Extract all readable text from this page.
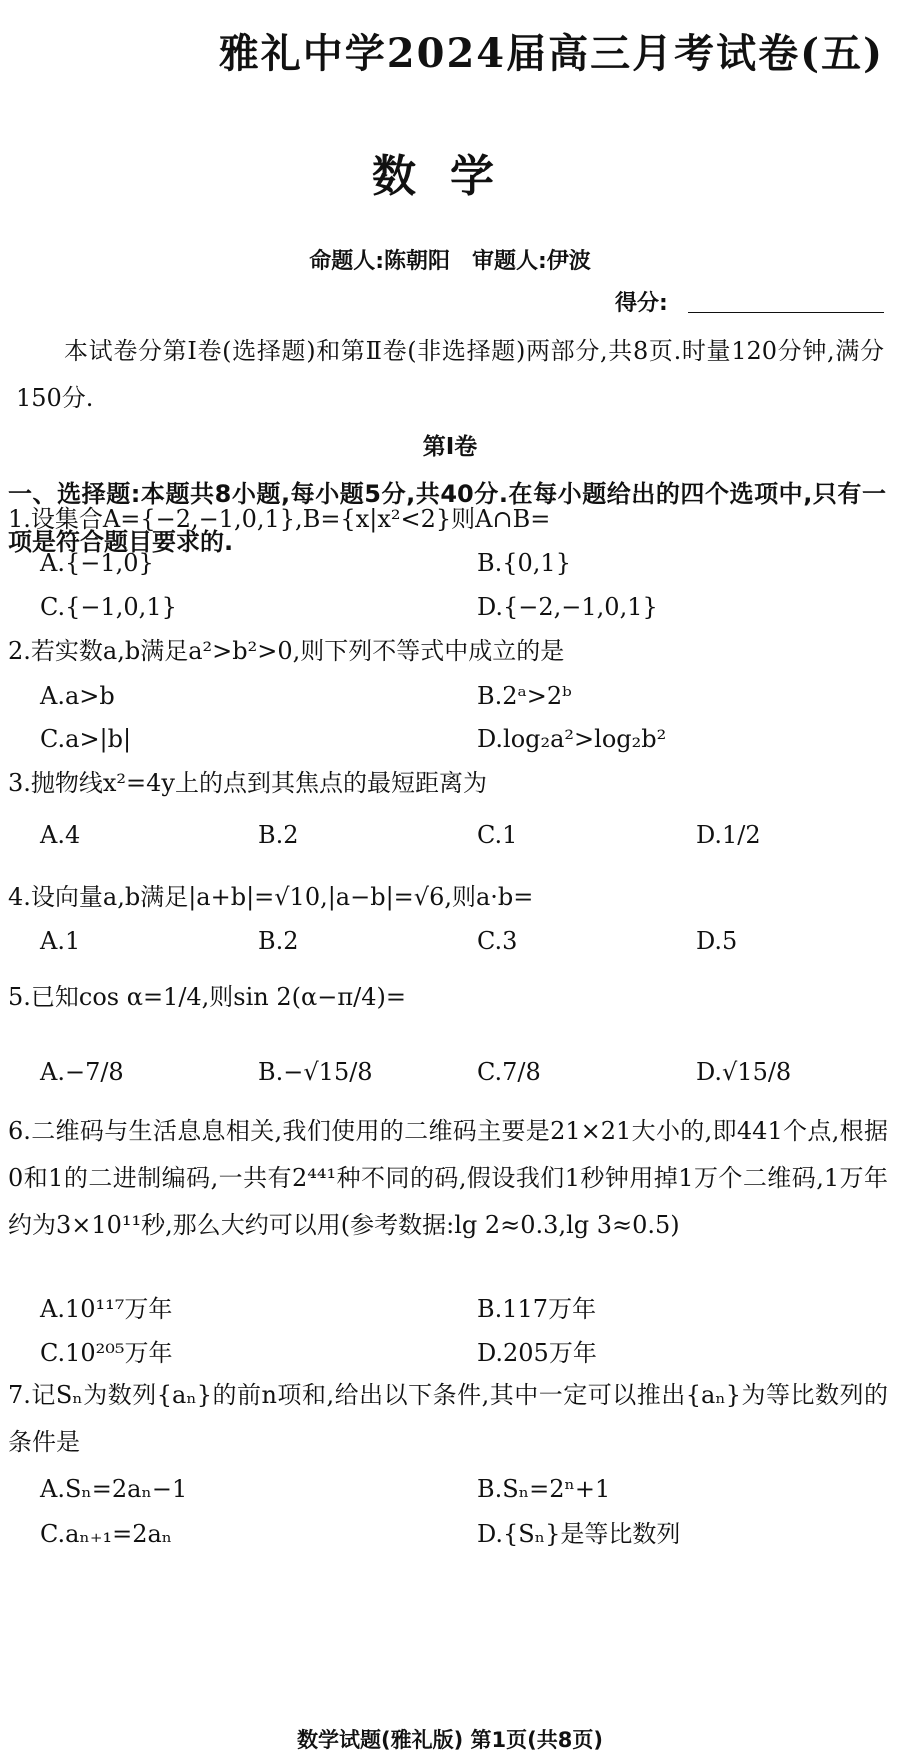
雅礼中学2024届高三月考试卷(五)
数学
命题人:陈朝阳 审题人:伊波
得分:
本试卷分第Ⅰ卷(选择题)和第Ⅱ卷(非选择题)两部分,共8页.时量120分钟,满分150分.
第Ⅰ卷
一、选择题:本题共8小题,每小题5分,共40分.在每小题给出的四个选项中,只有一项是符合题目要求的.
1.设集合A={−2,−1,0,1},B={x|x²<2}则A∩B=
A.{−1,0}	B.{0,1}
C.{−1,0,1}	D.{−2,−1,0,1}
2.若实数a,b满足a²>b²>0,则下列不等式中成立的是
A.a>b	B.2ᵃ>2ᵇ
C.a>|b|	D.log₂a²>log₂b²
3.抛物线x²=4y上的点到其焦点的最短距离为
A.4	B.2	C.1	D.1/2
4.设向量a,b满足|a+b|=√10,|a−b|=√6,则a·b=
A.1	B.2	C.3	D.5
5.已知cos α=1/4,则sin 2(α−π/4)=
A.−7/8	B.−√15/8	C.7/8	D.√15/8
6.二维码与生活息息相关,我们使用的二维码主要是21×21大小的,即441个点,根据0和1的二进制编码,一共有2⁴⁴¹种不同的码,假设我们1秒钟用掉1万个二维码,1万年约为3×10¹¹秒,那么大约可以用(参考数据:lg 2≈0.3,lg 3≈0.5)
A.10¹¹⁷万年	B.117万年
C.10²⁰⁵万年	D.205万年
7.记Sₙ为数列{aₙ}的前n项和,给出以下条件,其中一定可以推出{aₙ}为等比数列的条件是
A.Sₙ=2aₙ−1	B.Sₙ=2ⁿ+1
C.aₙ₊₁=2aₙ	D.{Sₙ}是等比数列
数学试题(雅礼版) 第1页(共8页)
